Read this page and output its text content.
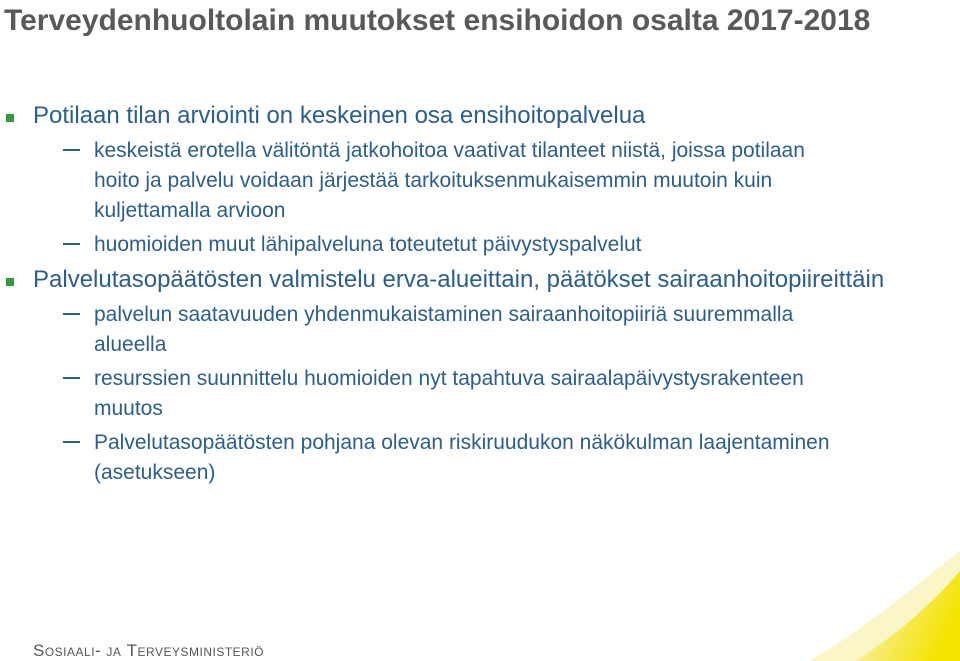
Terveydenhuoltolain muutokset ensihoidon osalta 2017-2018
Potilaan tilan arviointi on keskeinen osa ensihoitopalvelua
keskeistä erotella välitöntä jatkohoitoa vaativat tilanteet niistä, joissa potilaan hoito ja palvelu voidaan järjestää tarkoituksenmukaisemmin muutoin kuin kuljettamalla arvioon
huomioiden muut lähipalveluna toteutetut päivystyspalvelut
Palvelutasopäätösten valmistelu erva-alueittain, päätökset sairaanhoitopiireittäin
palvelun saatavuuden yhdenmukaistaminen sairaanhoitopiiriä suuremmalla alueella
resurssien suunnittelu huomioiden nyt tapahtuva sairaalapäivystysrakenteen muutos
Palvelutasopäätösten pohjana olevan riskiruudukon näkökulman laajentaminen (asetukseen)
Sosiaali- ja Terveysministeriö
